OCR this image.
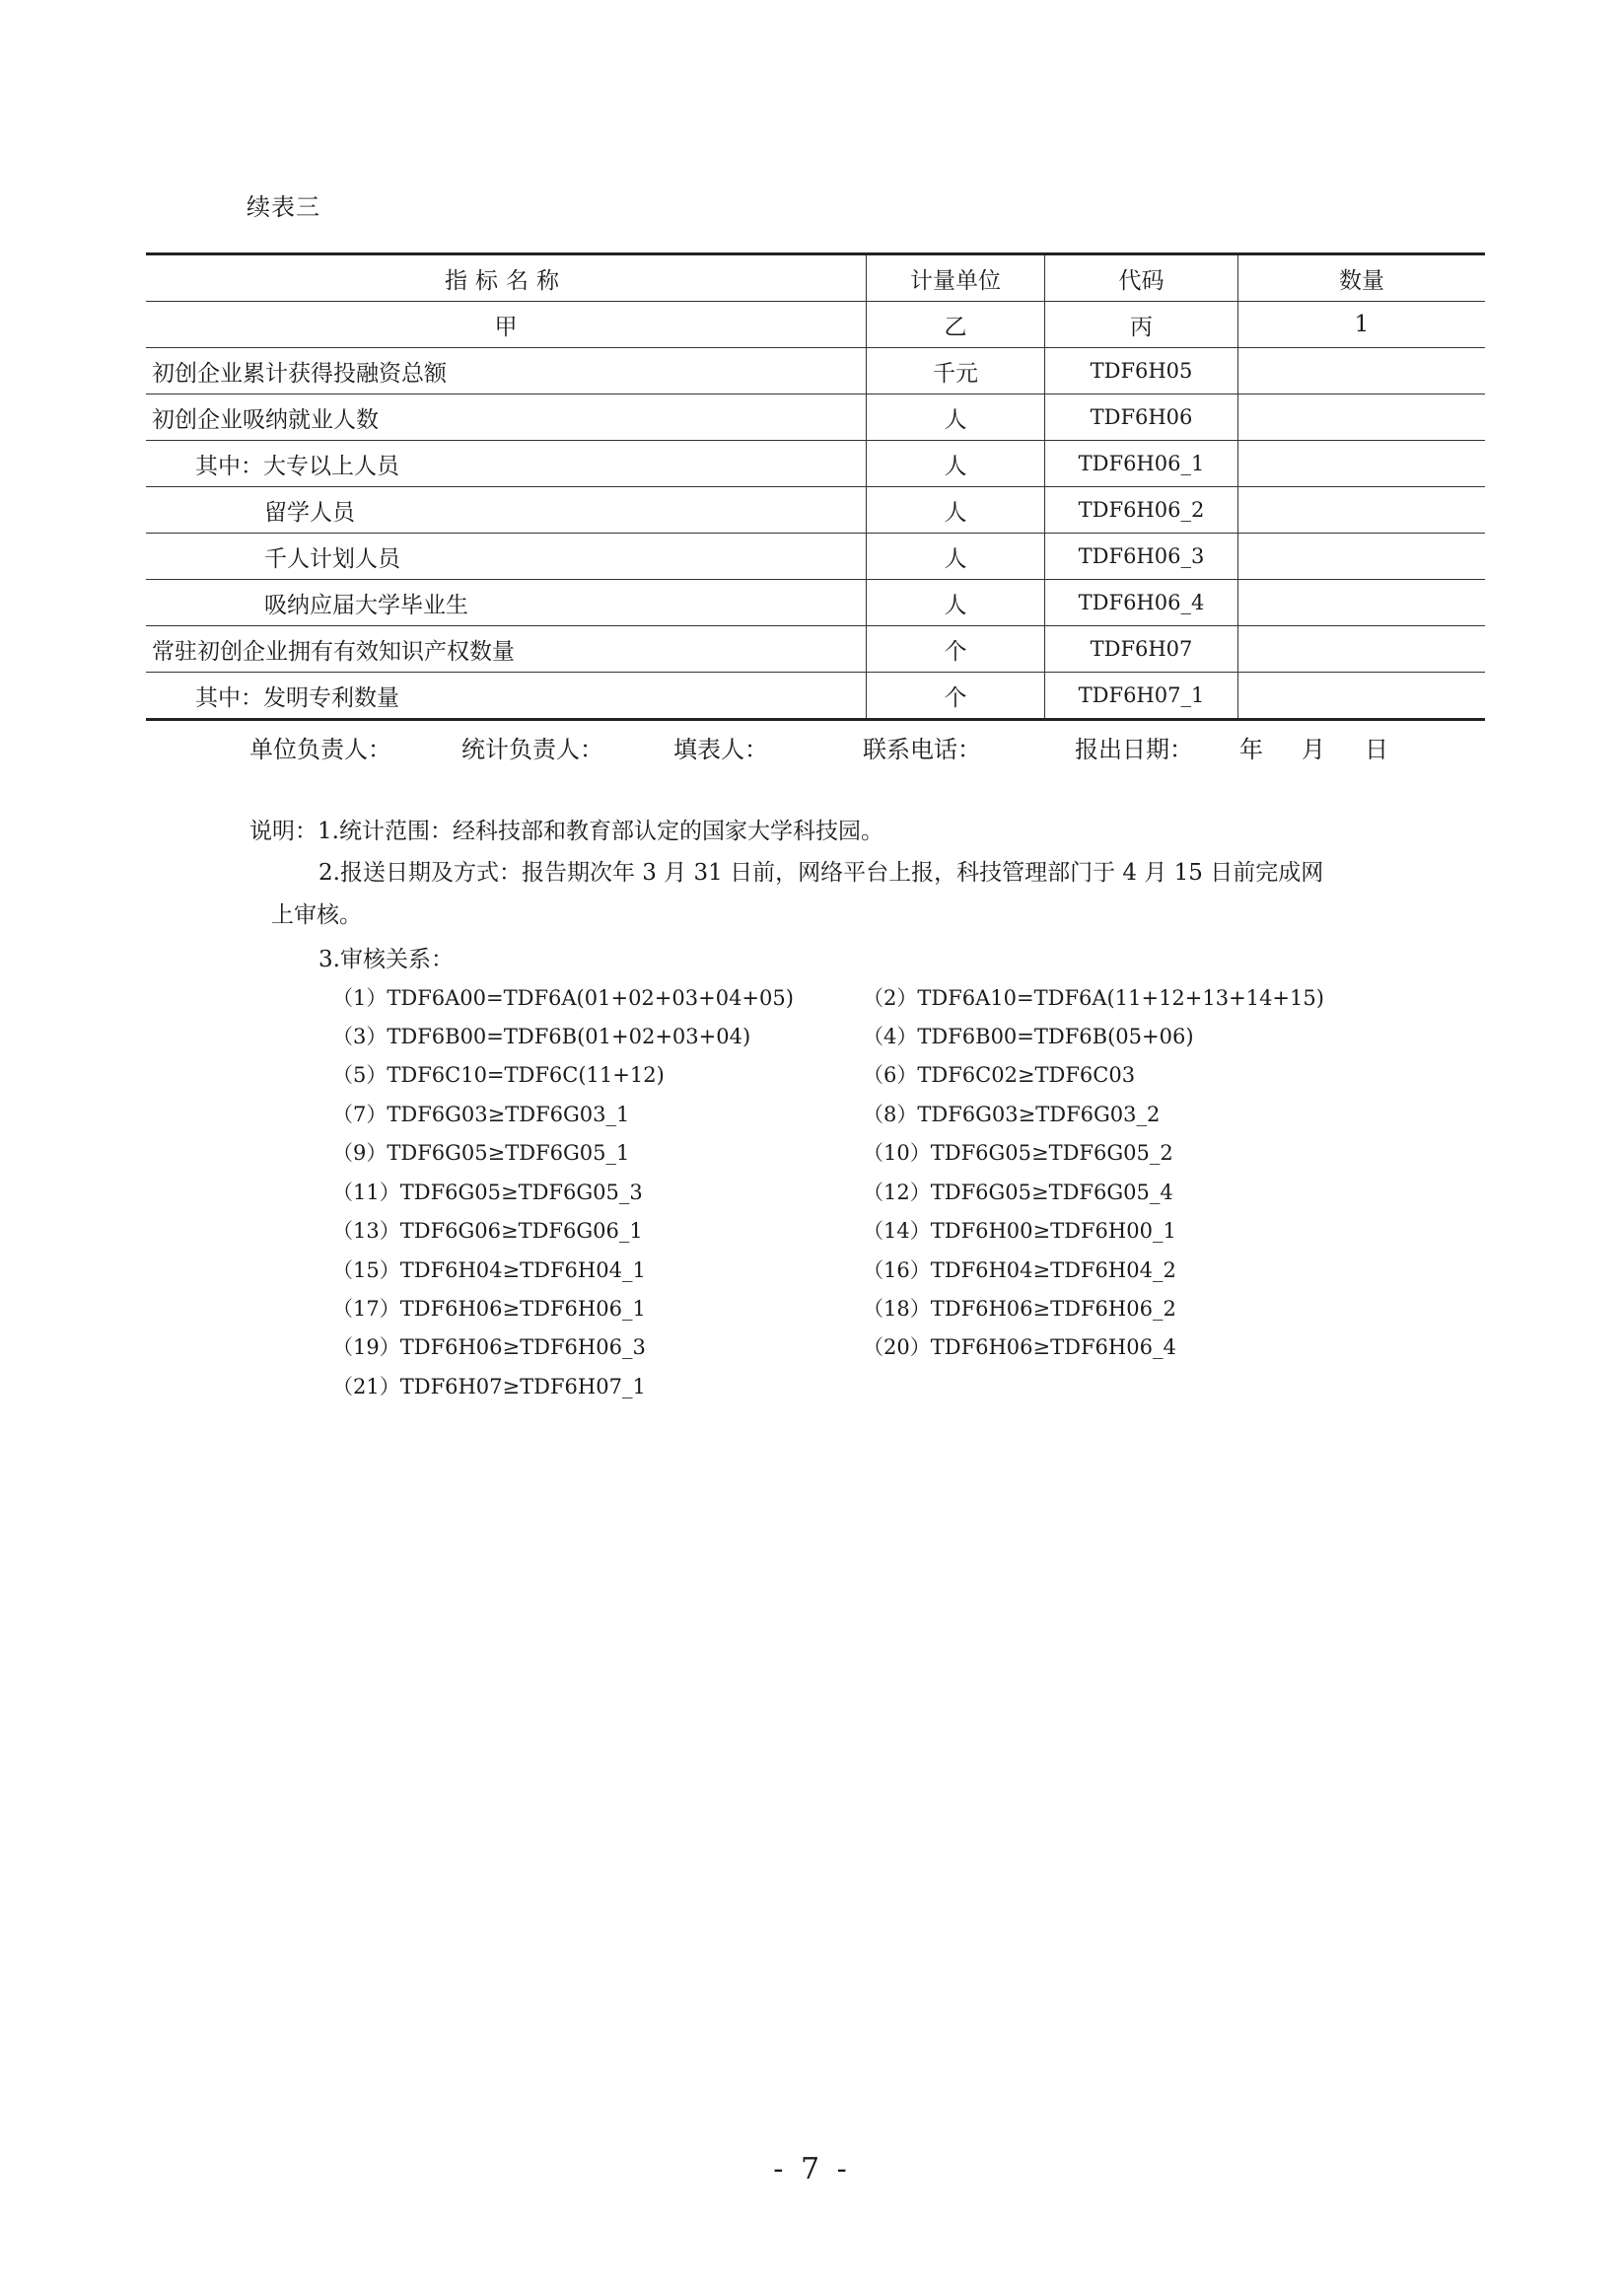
续表三
指标名称	计量单位	代码	数量
甲	乙	丙	1
初创企业累计获得投融资总额	千元	TDF6H05	
初创企业吸纳就业人数	人	TDF6H06	
其中：大专以上人员	人	TDF6H06_1	
留学人员	人	TDF6H06_2	
千人计划人员	人	TDF6H06_3	
吸纳应届大学毕业生	人	TDF6H06_4	
常驻初创企业拥有有效知识产权数量	个	TDF6H07	
其中：发明专利数量	个	TDF6H07_1	
单位负责人：	统计负责人：	填表人：	联系电话：	报出日期： 年 月 日
说明：1.统计范围：经科技部和教育部认定的国家大学科技园。
2.报送日期及方式：报告期次年 3 月 31 日前，网络平台上报，科技管理部门于 4 月 15 日前完成网
上审核。
3.审核关系：
（1）TDF6A00=TDF6A(01+02+03+04+05)	（2）TDF6A10=TDF6A(11+12+13+14+15)
（3）TDF6B00=TDF6B(01+02+03+04)	（4）TDF6B00=TDF6B(05+06)
（5）TDF6C10=TDF6C(11+12)	（6）TDF6C02≥TDF6C03
（7）TDF6G03≥TDF6G03_1	（8）TDF6G03≥TDF6G03_2
（9）TDF6G05≥TDF6G05_1	（10）TDF6G05≥TDF6G05_2
（11）TDF6G05≥TDF6G05_3	（12）TDF6G05≥TDF6G05_4
（13）TDF6G06≥TDF6G06_1	（14）TDF6H00≥TDF6H00_1
（15）TDF6H04≥TDF6H04_1	（16）TDF6H04≥TDF6H04_2
（17）TDF6H06≥TDF6H06_1	（18）TDF6H06≥TDF6H06_2
（19）TDF6H06≥TDF6H06_3	（20）TDF6H06≥TDF6H06_4
（21）TDF6H07≥TDF6H07_1
- 7 -
